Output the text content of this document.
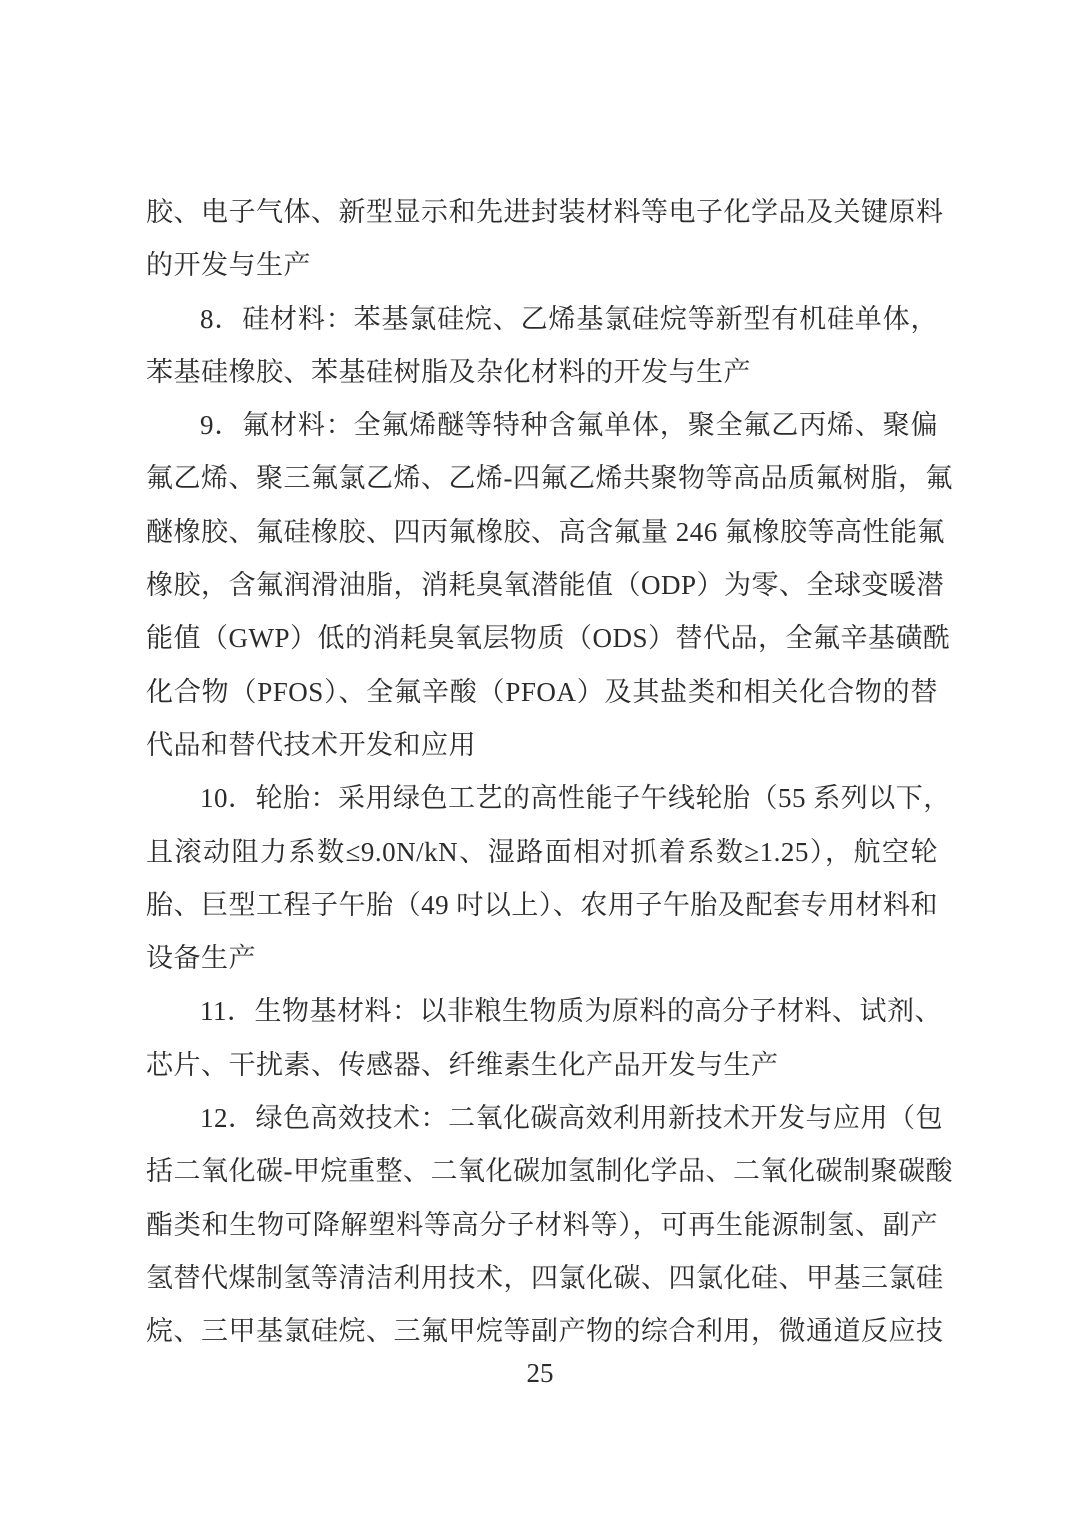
胶、电子气体、新型显示和先进封装材料等电子化学品及关键原料
的开发与生产
8．硅材料：苯基氯硅烷、乙烯基氯硅烷等新型有机硅单体，
苯基硅橡胶、苯基硅树脂及杂化材料的开发与生产
9．氟材料：全氟烯醚等特种含氟单体，聚全氟乙丙烯、聚偏
氟乙烯、聚三氟氯乙烯、乙烯-四氟乙烯共聚物等高品质氟树脂，氟
醚橡胶、氟硅橡胶、四丙氟橡胶、高含氟量 246 氟橡胶等高性能氟
橡胶，含氟润滑油脂，消耗臭氧潜能值（ODP）为零、全球变暖潜
能值（GWP）低的消耗臭氧层物质（ODS）替代品，全氟辛基磺酰
化合物（PFOS）、全氟辛酸（PFOA）及其盐类和相关化合物的替
代品和替代技术开发和应用
10．轮胎：采用绿色工艺的高性能子午线轮胎（55 系列以下，
且滚动阻力系数≤9.0N/kN、湿路面相对抓着系数≥1.25），航空轮
胎、巨型工程子午胎（49 吋以上）、农用子午胎及配套专用材料和
设备生产
11．生物基材料：以非粮生物质为原料的高分子材料、试剂、
芯片、干扰素、传感器、纤维素生化产品开发与生产
12．绿色高效技术：二氧化碳高效利用新技术开发与应用（包
括二氧化碳-甲烷重整、二氧化碳加氢制化学品、二氧化碳制聚碳酸
酯类和生物可降解塑料等高分子材料等），可再生能源制氢、副产
氢替代煤制氢等清洁利用技术，四氯化碳、四氯化硅、甲基三氯硅
烷、三甲基氯硅烷、三氟甲烷等副产物的综合利用，微通道反应技
25
